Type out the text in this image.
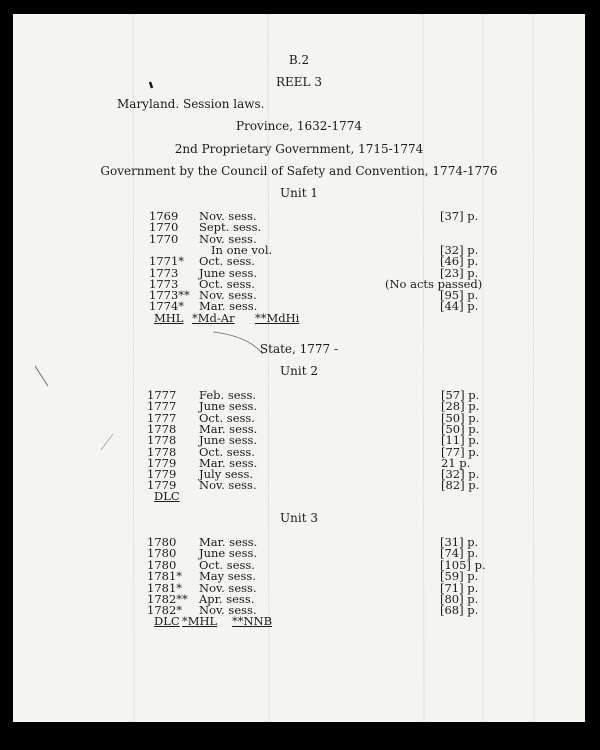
B.2
REEL 3
Maryland. Session laws.
Province, 1632-1774
2nd Proprietary Government, 1715-1774
Government by the Council of Safety and Convention, 1774-1776
Unit 1
1769 Nov. sess.	[37] p.
1770 Sept. sess.
1770 Nov. sess.
In one vol.	[32] p.
1771* Oct. sess.	[46] p.
1773 June sess.	[23] p.
1773 Oct. sess.	(No acts passed)
1773** Nov. sess.	[95] p.
1774* Mar. sess.	[44] p.
MHL *Md-Ar **MdHi
State, 1777 -
Unit 2
1777 Feb. sess.	[57] p.
1777 June sess.	[28] p.
1777 Oct. sess.	[50] p.
1778 Mar. sess.	[50] p.
1778 June sess.	[11] p.
1778 Oct. sess.	[77] p.
1779 Mar. sess.	21 p.
1779 July sess.	[32] p.
1779 Nov. sess.	[82] p.
DLC
Unit 3
1780 Mar. sess.	[31] p.
1780 June sess.	[74] p.
1780 Oct. sess.	[105] p.
1781* May sess.	[59] p.
1781* Nov. sess.	[71] p.
1782** Apr. sess.	[80] p.
1782* Nov. sess.	[68] p.
DLC *MHL **NNB
